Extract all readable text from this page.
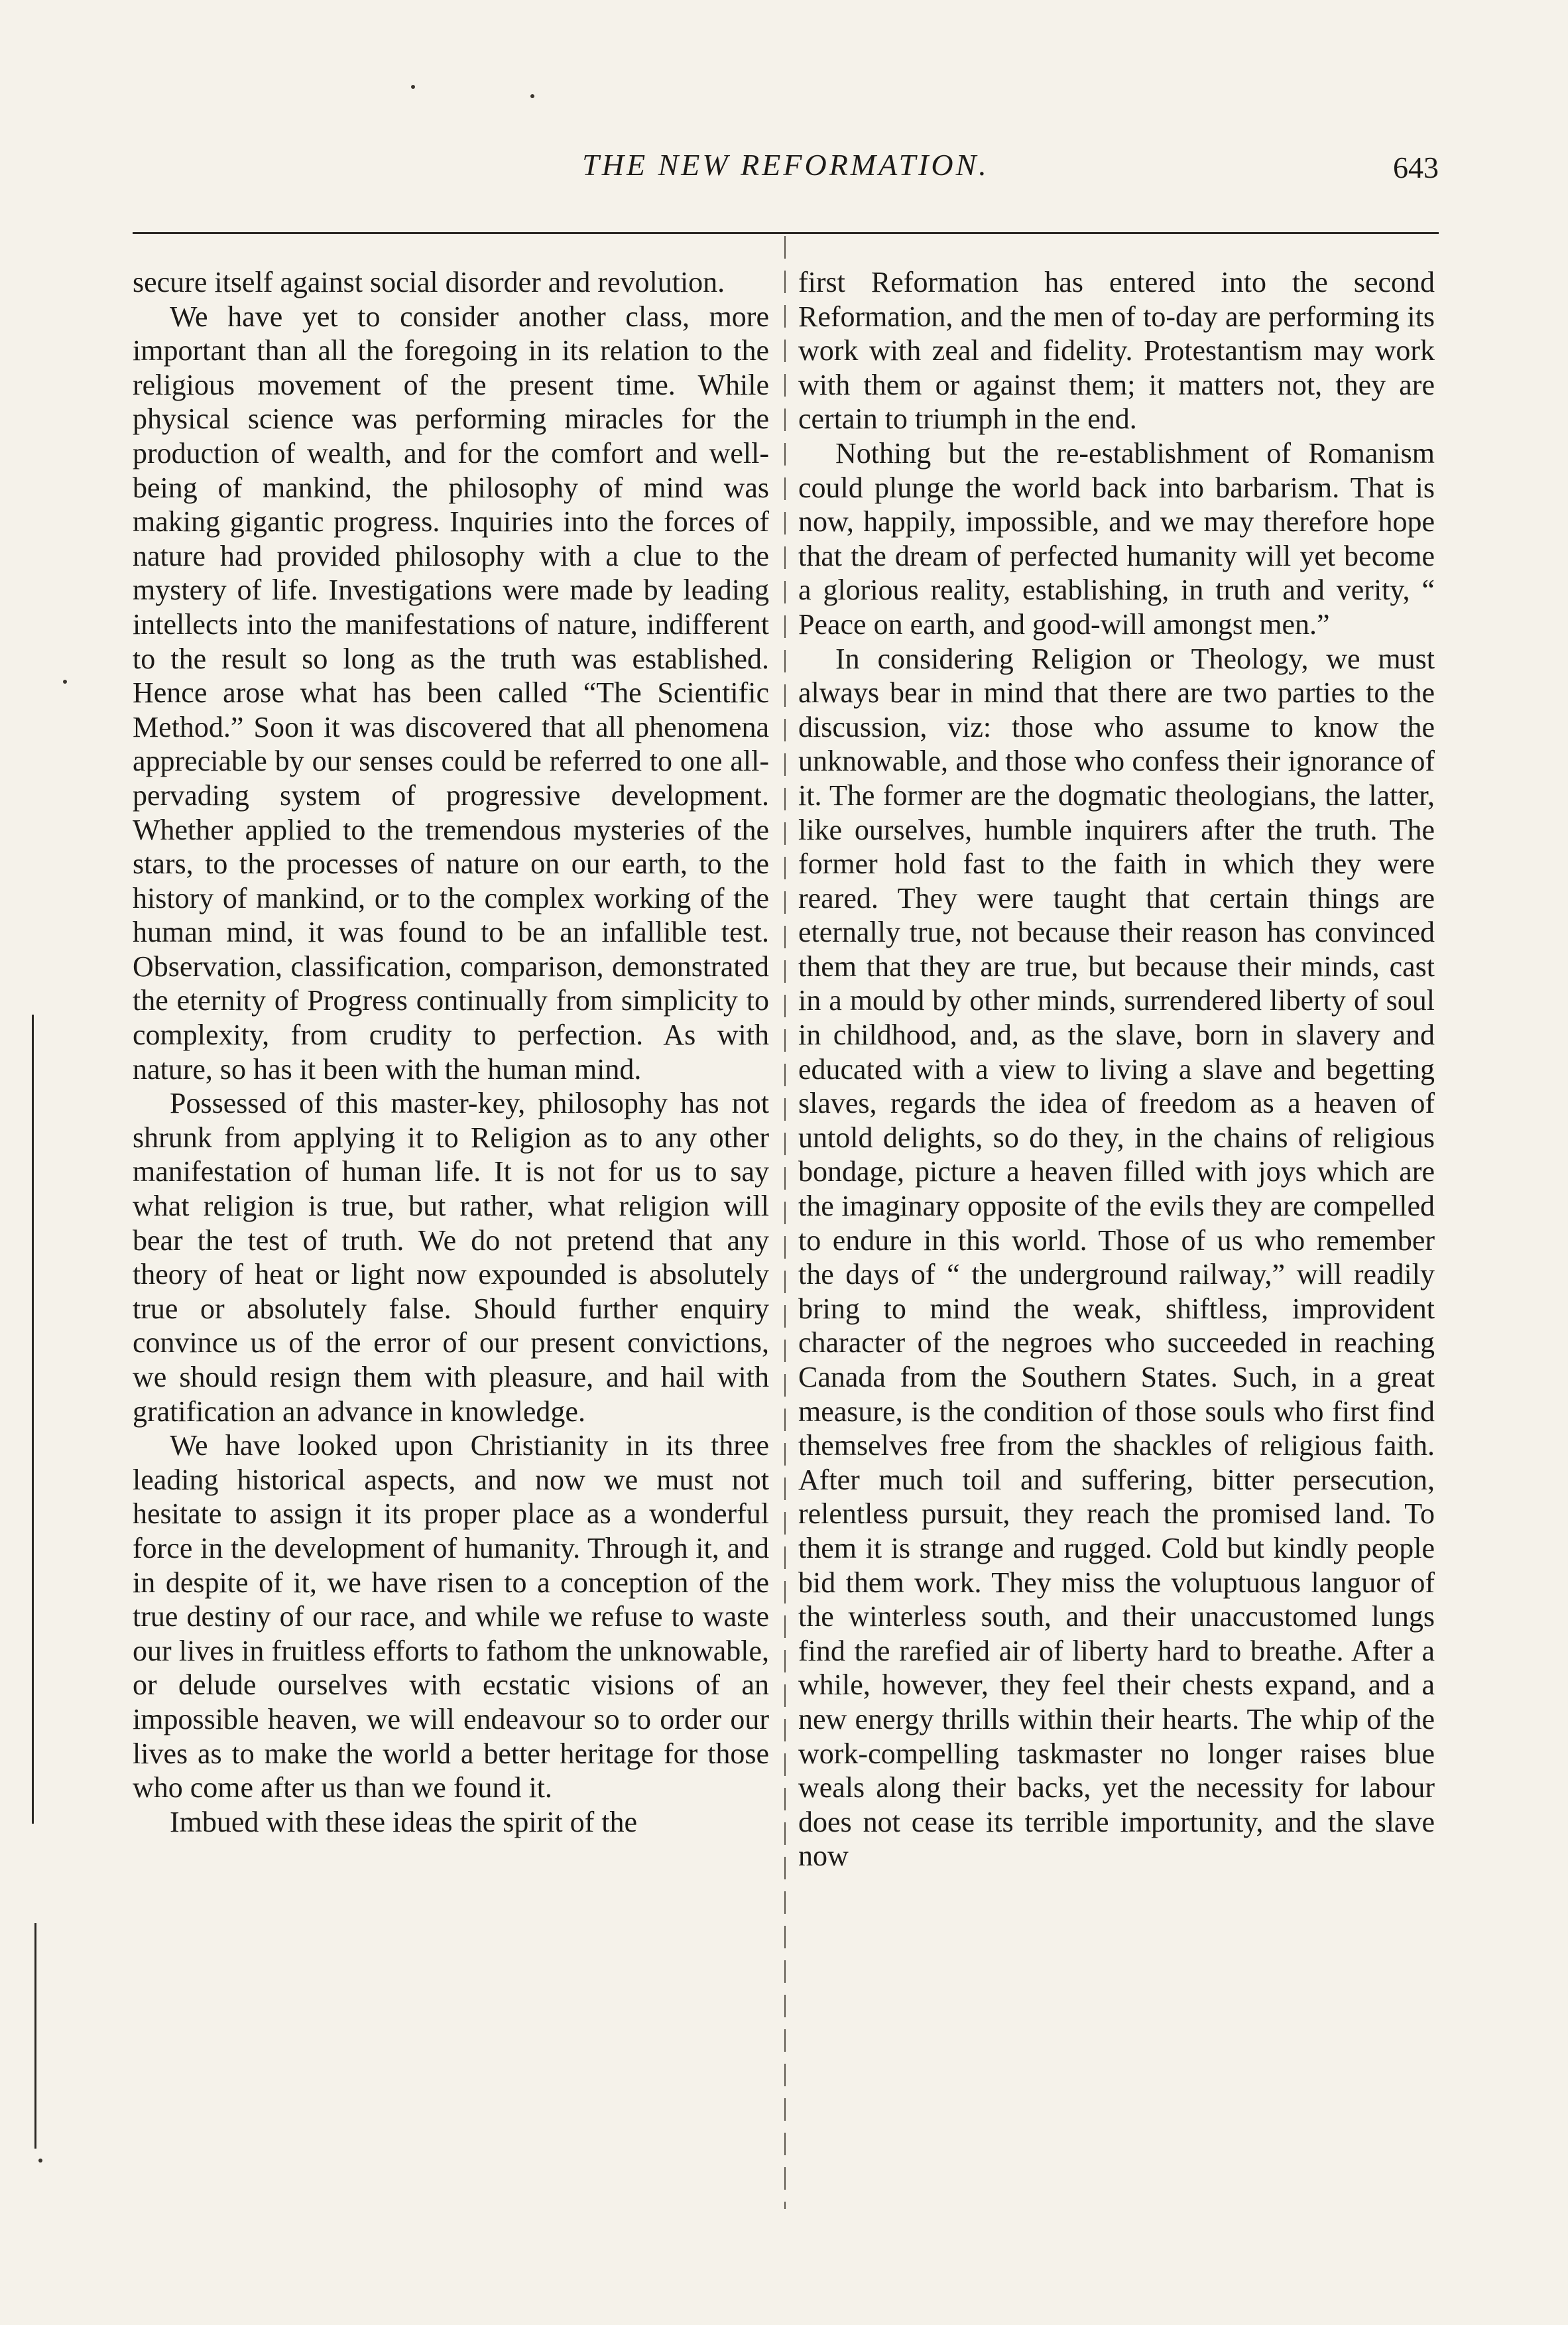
THE NEW REFORMATION.	643

secure itself against social disorder and revolution.

We have yet to consider another class, more important than all the foregoing in its relation to the religious movement of the present time. While physical science was performing miracles for the production of wealth, and for the comfort and well-being of mankind, the philosophy of mind was making gigantic progress. Inquiries into the forces of nature had provided philosophy with a clue to the mystery of life. Investigations were made by leading intellects into the manifestations of nature, indifferent to the result so long as the truth was established. Hence arose what has been called “The Scientific Method.” Soon it was discovered that all phenomena appreciable by our senses could be referred to one all-pervading system of progressive development. Whether applied to the tremendous mysteries of the stars, to the processes of nature on our earth, to the history of mankind, or to the complex working of the human mind, it was found to be an infallible test. Observation, classification, comparison, demonstrated the eternity of Progress continually from simplicity to complexity, from crudity to perfection. As with nature, so has it been with the human mind.

Possessed of this master-key, philosophy has not shrunk from applying it to Religion as to any other manifestation of human life. It is not for us to say what religion is true, but rather, what religion will bear the test of truth. We do not pretend that any theory of heat or light now expounded is absolutely true or absolutely false. Should further enquiry convince us of the error of our present convictions, we should resign them with pleasure, and hail with gratification an advance in knowledge.

We have looked upon Christianity in its three leading historical aspects, and now we must not hesitate to assign it its proper place as a wonderful force in the development of humanity. Through it, and in despite of it, we have risen to a conception of the true destiny of our race, and while we refuse to waste our lives in fruitless efforts to fathom the unknowable, or delude ourselves with ecstatic visions of an impossible heaven, we will endeavour so to order our lives as to make the world a better heritage for those who come after us than we found it.

Imbued with these ideas the spirit of the

first Reformation has entered into the second Reformation, and the men of to-day are performing its work with zeal and fidelity. Protestantism may work with them or against them; it matters not, they are certain to triumph in the end.

Nothing but the re-establishment of Romanism could plunge the world back into barbarism. That is now, happily, impossible, and we may therefore hope that the dream of perfected humanity will yet become a glorious reality, establishing, in truth and verity, “ Peace on earth, and good-will amongst men.”

In considering Religion or Theology, we must always bear in mind that there are two parties to the discussion, viz: those who assume to know the unknowable, and those who confess their ignorance of it. The former are the dogmatic theologians, the latter, like ourselves, humble inquirers after the truth. The former hold fast to the faith in which they were reared. They were taught that certain things are eternally true, not because their reason has convinced them that they are true, but because their minds, cast in a mould by other minds, surrendered liberty of soul in childhood, and, as the slave, born in slavery and educated with a view to living a slave and begetting slaves, regards the idea of freedom as a heaven of untold delights, so do they, in the chains of religious bondage, picture a heaven filled with joys which are the imaginary opposite of the evils they are compelled to endure in this world. Those of us who remember the days of “ the underground railway,” will readily bring to mind the weak, shiftless, improvident character of the negroes who succeeded in reaching Canada from the Southern States. Such, in a great measure, is the condition of those souls who first find themselves free from the shackles of religious faith. After much toil and suffering, bitter persecution, relentless pursuit, they reach the promised land. To them it is strange and rugged. Cold but kindly people bid them work. They miss the voluptuous languor of the winterless south, and their unaccustomed lungs find the rarefied air of liberty hard to breathe. After a while, however, they feel their chests expand, and a new energy thrills within their hearts. The whip of the work-compelling taskmaster no longer raises blue weals along their backs, yet the necessity for labour does not cease its terrible importunity, and the slave now
